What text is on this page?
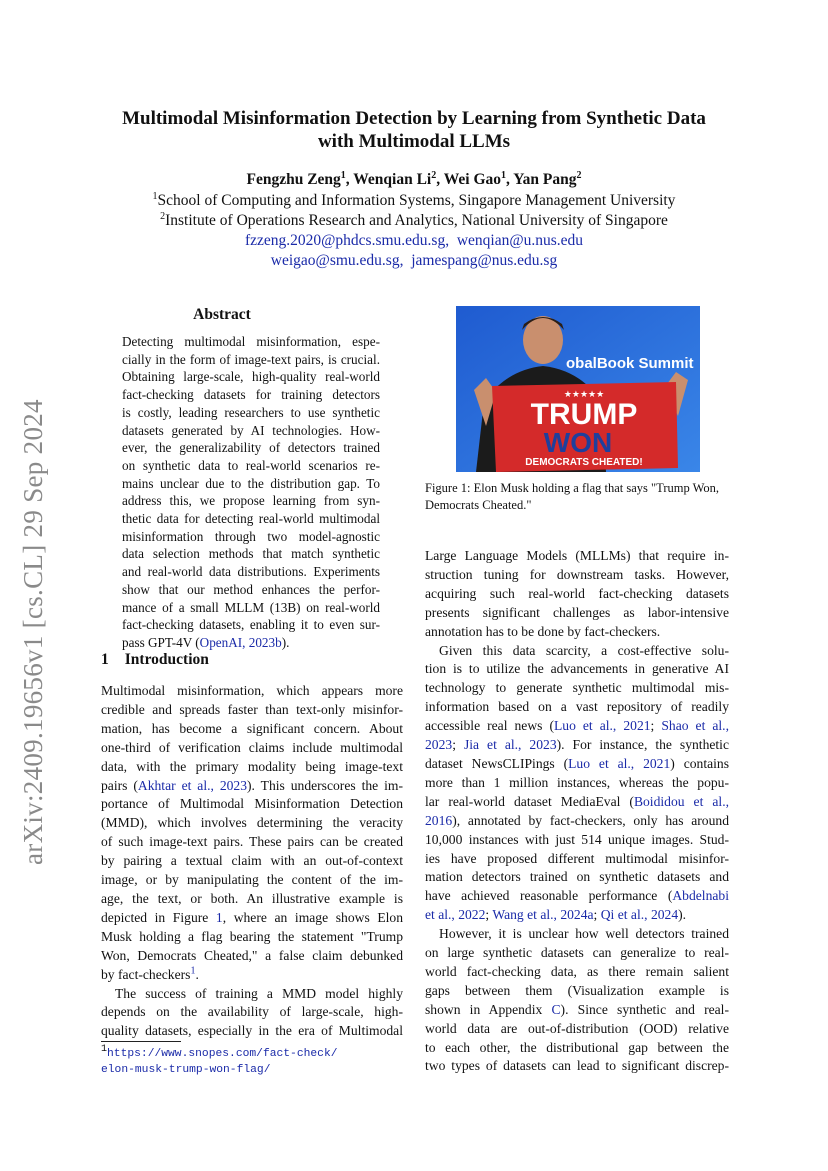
Multimodal Misinformation Detection by Learning from Synthetic Data
with Multimodal LLMs
Fengzhu Zeng$^1$, Wenqian Li$^2$, Wei Gao$^1$, Yan Pang$^2$
$^1$School of Computing and Information Systems, Singapore Management University
$^2$Institute of Operations Research and Analytics, National University of Singapore
fzzeng.2020@phdcs.smu.edu.sg,  wenqian@u.nus.edu
weigao@smu.edu.sg,  jamespang@nus.edu.sg
arXiv:2409.19656v1 [cs.CL] 29 Sep 2024
Abstract
Detecting multimodal misinformation, espe-
cially in the form of image-text pairs, is crucial.
Obtaining large-scale, high-quality real-world
fact-checking datasets for training detectors
is costly, leading researchers to use synthetic
datasets generated by AI technologies. How-
ever, the generalizability of detectors trained
on synthetic data to real-world scenarios re-
mains unclear due to the distribution gap. To
address this, we propose learning from syn-
thetic data for detecting real-world multimodal
misinformation through two model-agnostic
data selection methods that match synthetic
and real-world data distributions. Experiments
show that our method enhances the perfor-
mance of a small MLLM (13B) on real-world
fact-checking datasets, enabling it to even sur-
pass GPT-4V (OpenAI, 2023b).
1 Introduction
Multimodal misinformation, which appears more
credible and spreads faster than text-only misinfor-
mation, has become a significant concern. About
one-third of verification claims include multimodal
data, with the primary modality being image-text
pairs (Akhtar et al., 2023). This underscores the im-
portance of Multimodal Misinformation Detection
(MMD), which involves determining the veracity
of such image-text pairs. These pairs can be created
by pairing a textual claim with an out-of-context
image, or by manipulating the content of the im-
age, the text, or both. An illustrative example is
depicted in Figure 1, where an image shows Elon
Musk holding a flag bearing the statement "Trump
Won, Democrats Cheated," a false claim debunked
by fact-checkers$^1$.
The success of training a MMD model highly
depends on the availability of large-scale, high-
quality datasets, especially in the era of Multimodal
$^1$https://www.snopes.com/fact-check/
elon-musk-trump-won-flag/
obalBook Summit
★★★★★
TRUMP
WON
DEMOCRATS CHEATED!
Figure 1: Elon Musk holding a flag that says "Trump Won, Democrats Cheated."
Large Language Models (MLLMs) that require in-
struction tuning for downstream tasks. However,
acquiring such real-world fact-checking datasets
presents significant challenges as labor-intensive
annotation has to be done by fact-checkers.
Given this data scarcity, a cost-effective solu-
tion is to utilize the advancements in generative AI
technology to generate synthetic multimodal mis-
information based on a vast repository of readily
accessible real news (Luo et al., 2021; Shao et al.,
2023; Jia et al., 2023). For instance, the synthetic
dataset NewsCLIPings (Luo et al., 2021) contains
more than 1 million instances, whereas the popu-
lar real-world dataset MediaEval (Boididou et al.,
2016), annotated by fact-checkers, only has around
10,000 instances with just 514 unique images. Stud-
ies have proposed different multimodal misinfor-
mation detectors trained on synthetic datasets and
have achieved reasonable performance (Abdelnabi
et al., 2022; Wang et al., 2024a; Qi et al., 2024).
However, it is unclear how well detectors trained
on large synthetic datasets can generalize to real-
world fact-checking data, as there remain salient
gaps between them (Visualization example is
shown in Appendix C). Since synthetic and real-
world data are out-of-distribution (OOD) relative
to each other, the distributional gap between the
two types of datasets can lead to significant discrep-
